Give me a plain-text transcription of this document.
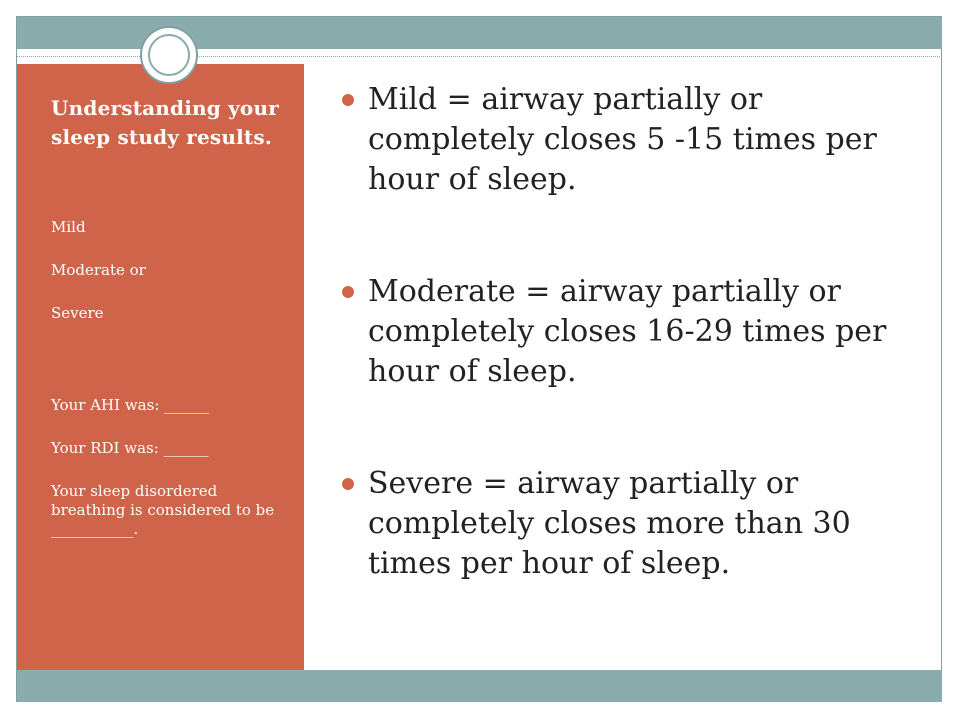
Understanding your sleep study results.
Mild
Moderate or
Severe
Your AHI was: ______
Your RDI was: ______
Your sleep disordered breathing is considered to be ___________.
Mild = airway partially or completely closes 5 -15 times per hour of sleep.
Moderate = airway partially or completely closes 16-29 times per hour of sleep.
Severe = airway partially or completely closes more than 30 times per hour of sleep.
